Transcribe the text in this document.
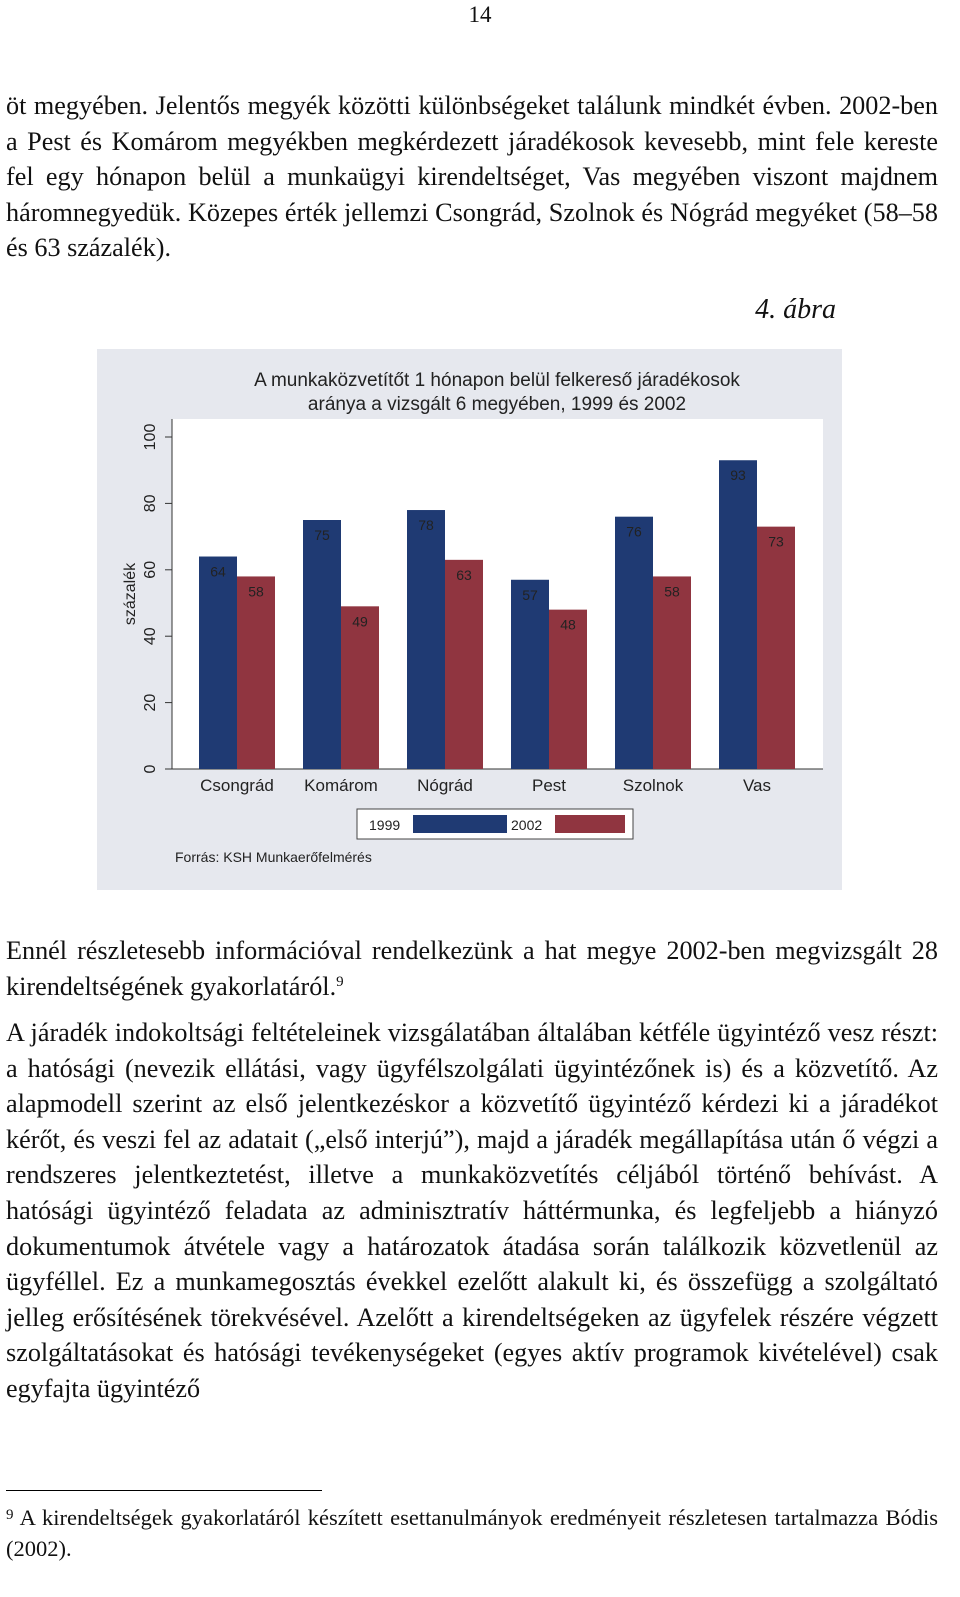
14

öt megyében. Jelentős megyék közötti különbségeket találunk mindkét évben. 2002-ben a Pest és Komárom megyékben megkérdezett járadékosok kevesebb, mint fele kereste fel egy hónapon belül a munkaügyi kirendeltséget, Vas megyében viszont majdnem háromnegyedük. Közepes érték jellemzi Csongrád, Szolnok és Nógrád megyéket (58–58 és 63 százalék).

4. ábra
A munkaközvetítőt 1 hónapon belül felkereső járadékosok
aránya a vizsgált 6 megyében, 1999 és 2002
0
20
40
60
80
100
százalék	64
58
Csongrád
75
49
Komárom
78
63
Nógrád
57
48
Pest
76
58
Szolnok
93
73
Vas
1999	2002
Forrás: KSH Munkaerőfelmérés

Ennél részletesebb információval rendelkezünk a hat megye 2002-ben megvizsgált 28 kirendeltségének gyakorlatáról.$^9$

A járadék indokoltsági feltételeinek vizsgálatában általában kétféle ügyintéző vesz részt: a hatósági (nevezik ellátási, vagy ügyfélszolgálati ügyintézőnek is) és a közvetítő. Az alapmodell szerint az első jelentkezéskor a közvetítő ügyintéző kérdezi ki a járadékot kérőt, és veszi fel az adatait („első interjú”), majd a járadék megállapítása után ő végzi a rendszeres jelentkeztetést, illetve a munkaközvetítés céljából történő behívást. A hatósági ügyintéző feladata az adminisztratív háttérmunka, és legfeljebb a hiányzó dokumentumok átvétele vagy a határozatok átadása során találkozik közvetlenül az ügyféllel. Ez a munkamegosztás évekkel ezelőtt alakult ki, és összefügg a szolgáltató jelleg erősítésének törekvésével. Azelőtt a kirendeltségeken az ügyfelek részére végzett szolgáltatásokat és hatósági tevékenységeket (egyes aktív programok kivételével) csak egyfajta ügyintéző

$^9$ A kirendeltségek gyakorlatáról készített esettanulmányok eredményeit részletesen tartalmazza Bódis (2002).
